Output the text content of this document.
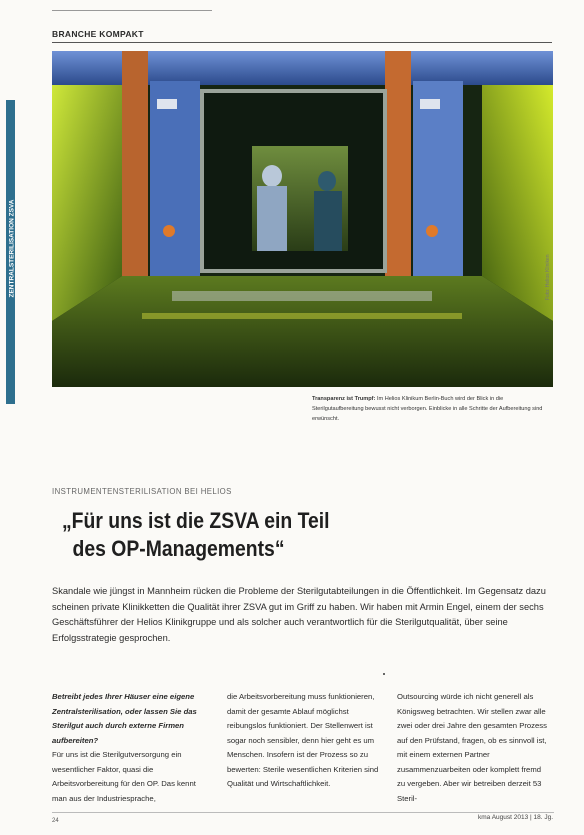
BRANCHE KOMPAKT
ZENTRALSTERILISATION ZSVA	Foto: Helios Kliniken
Transparenz ist Trumpf: Im Helios Klinikum Berlin-Buch wird der Blick in die Sterilgutaufbereitung bewusst nicht verborgen. Einblicke in alle Schritte der Aufbereitung sind erwünscht.
INSTRUMENTENSTERILISATION BEI HELIOS
„Für uns ist die ZSVA ein Teil
des OP-Managements“
Skandale wie jüngst in Mannheim rücken die Probleme der Sterilgutabteilungen in die Öffentlichkeit. Im Gegensatz dazu scheinen private Klinikketten die Qualität ihrer ZSVA gut im Griff zu haben. Wir haben mit Armin Engel, einem der sechs Geschäftsführer der Helios Klinikgruppe und als solcher auch verantwortlich für die Sterilgutqualität, über seine Erfolgsstrategie gesprochen.
Betreibt jedes Ihrer Häuser eine eigene Zentralsterilisation, oder lassen Sie das Sterilgut auch durch externe Firmen aufbereiten?
Für uns ist die Sterilgutversorgung ein wesentlicher Faktor, quasi die Arbeitsvorbereitung für den OP. Das kennt man aus der Industriesprache,
die Arbeitsvorbereitung muss funktionieren, damit der gesamte Ablauf möglichst reibungslos funktioniert. Der Stellenwert ist sogar noch sensibler, denn hier geht es um Menschen. Insofern ist der Prozess so zu bewerten: Sterile wesentlichen Kriterien sind Qualität und Wirtschaftlichkeit.
Outsourcing würde ich nicht generell als Königsweg betrachten. Wir stellen zwar alle zwei oder drei Jahre den gesamten Prozess auf den Prüfstand, fragen, ob es sinnvoll ist, mit einem externen Partner zusammenzuarbeiten oder komplett fremd zu vergeben. Aber wir betreiben derzeit 53 Steril-
24	kma August 2013 | 18. Jg.
